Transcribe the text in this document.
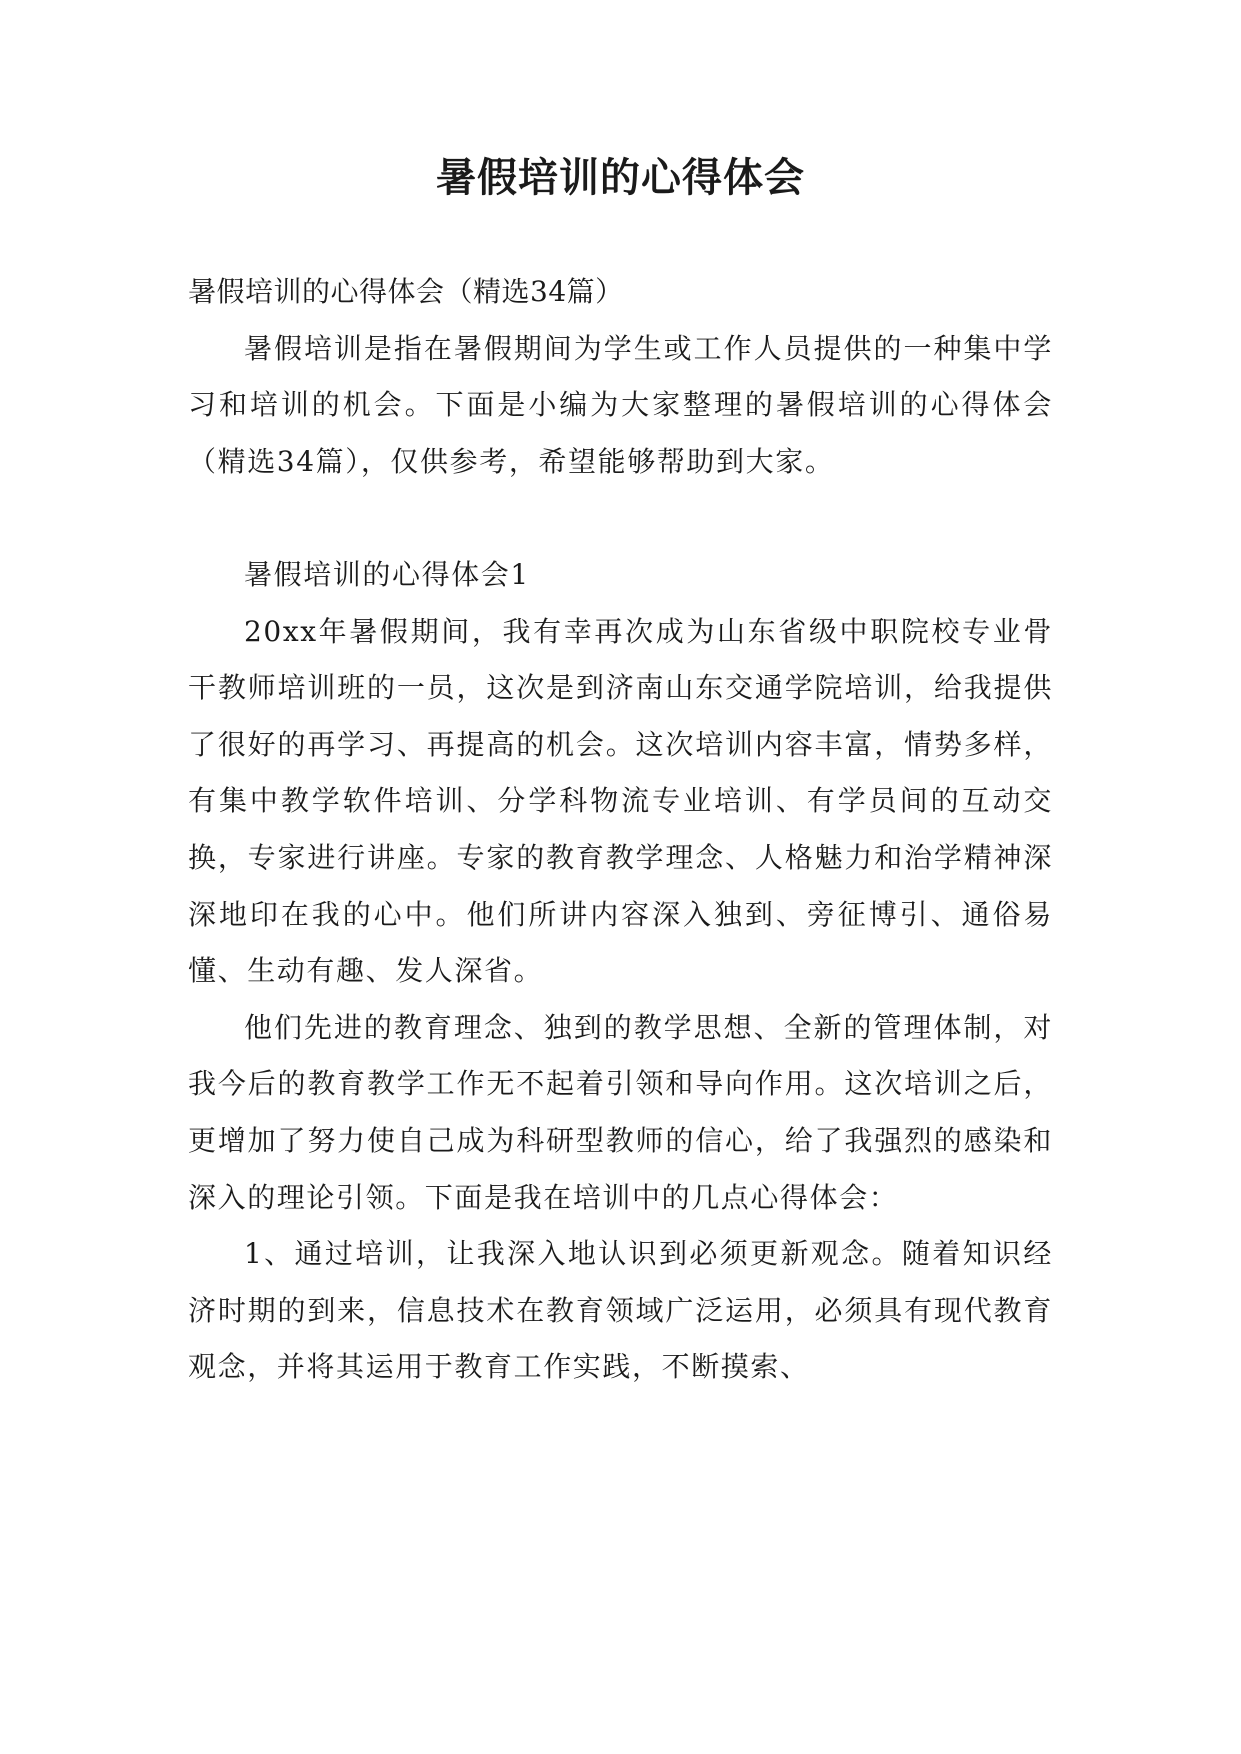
暑假培训的心得体会

暑假培训的心得体会（精选34篇）

暑假培训是指在暑假期间为学生或工作人员提供的一种集中学习和培训的机会。下面是小编为大家整理的暑假培训的心得体会（精选34篇），仅供参考，希望能够帮助到大家。

暑假培训的心得体会1

20xx年暑假期间，我有幸再次成为山东省级中职院校专业骨干教师培训班的一员，这次是到济南山东交通学院培训，给我提供了很好的再学习、再提高的机会。这次培训内容丰富，情势多样，有集中教学软件培训、分学科物流专业培训、有学员间的互动交换，专家进行讲座。专家的教育教学理念、人格魅力和治学精神深深地印在我的心中。他们所讲内容深入独到、旁征博引、通俗易懂、生动有趣、发人深省。

他们先进的教育理念、独到的教学思想、全新的管理体制，对我今后的教育教学工作无不起着引领和导向作用。这次培训之后，更增加了努力使自己成为科研型教师的信心，给了我强烈的感染和深入的理论引领。下面是我在培训中的几点心得体会：

1、通过培训，让我深入地认识到必须更新观念。随着知识经济时期的到来，信息技术在教育领域广泛运用，必须具有现代教育观念，并将其运用于教育工作实践，不断摸索、
